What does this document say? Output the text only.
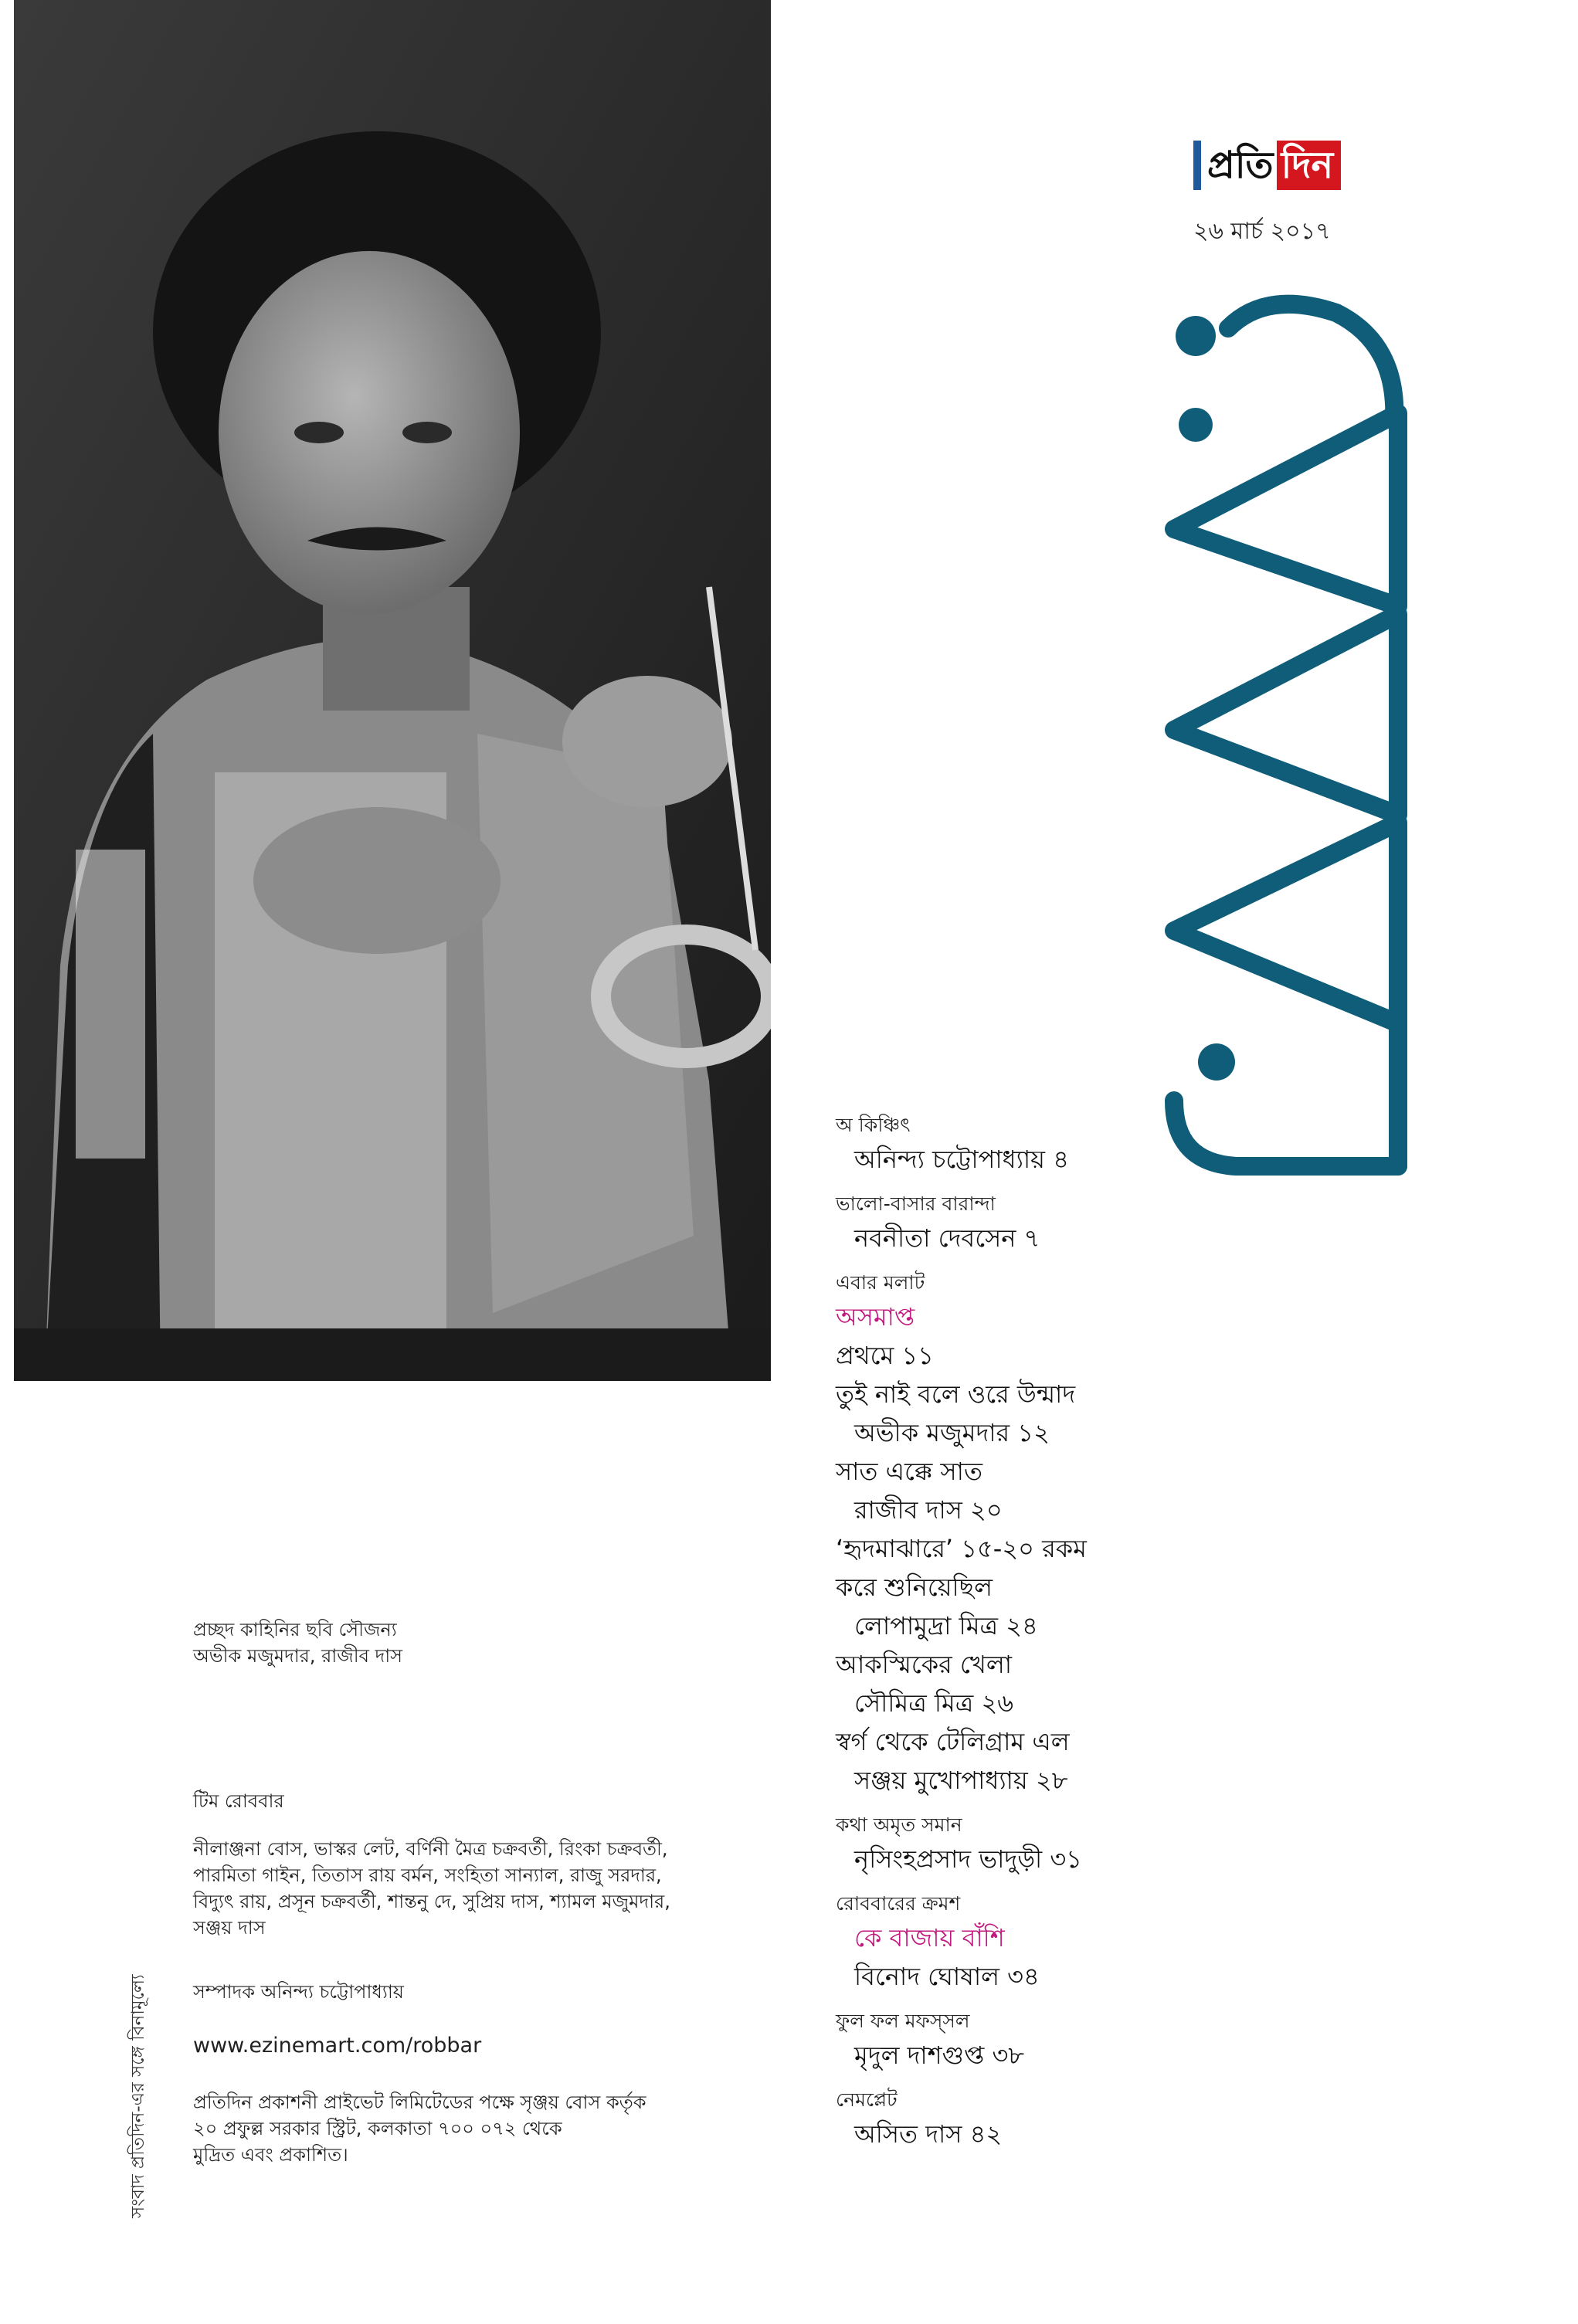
প্রতি দিন
২৬ মার্চ ২০১৭
অ কিঞ্চিৎ
অনিন্দ্য চট্টোপাধ্যায় ৪
ভালো-বাসার বারান্দা
নবনীতা দেবসেন ৭
এবার মলাট
অসমাপ্ত
প্রথমে ১১
তুই নাই বলে ওরে উন্মাদ
অভীক মজুমদার ১২
সাত এক্কে সাত
রাজীব দাস ২০
‘হৃদমাঝারে’ ১৫-২০ রকম
করে শুনিয়েছিল
লোপামুদ্রা মিত্র ২৪
আকস্মিকের খেলা
সৌমিত্র মিত্র ২৬
স্বর্গ থেকে টেলিগ্রাম এল
সঞ্জয় মুখোপাধ্যায় ২৮
কথা অমৃত সমান
নৃসিংহপ্রসাদ ভাদুড়ী ৩১
রোববারের ক্রমশ
কে বাজায় বাঁশি
বিনোদ ঘোষাল ৩৪
ফুল ফল মফস্সল
মৃদুল দাশগুপ্ত ৩৮
নেমপ্লেট
অসিত দাস ৪২
প্রচ্ছদ কাহিনির ছবি সৌজন্য
অভীক মজুমদার, রাজীব দাস
টিম রোববার
নীলাঞ্জনা বোস, ভাস্কর লেট, বর্ণিনী মৈত্র চক্রবর্তী, রিংকা চক্রবর্তী,
পারমিতা গাইন, তিতাস রায় বর্মন, সংহিতা সান্যাল, রাজু সরদার,
বিদ্যুৎ রায়, প্রসূন চক্রবর্তী, শান্তনু দে, সুপ্রিয় দাস, শ্যামল মজুমদার,
সঞ্জয় দাস
সম্পাদক অনিন্দ্য চট্টোপাধ্যায়
www.ezinemart.com/robbar
প্রতিদিন প্রকাশনী প্রাইভেট লিমিটেডের পক্ষে সৃঞ্জয় বোস কর্তৃক
২০ প্রফুল্ল সরকার স্ট্রিট, কলকাতা ৭০০ ০৭২ থেকে
মুদ্রিত এবং প্রকাশিত।
সংবাদ প্রতিদিন-এর সঙ্গে বিনামূল্যে
